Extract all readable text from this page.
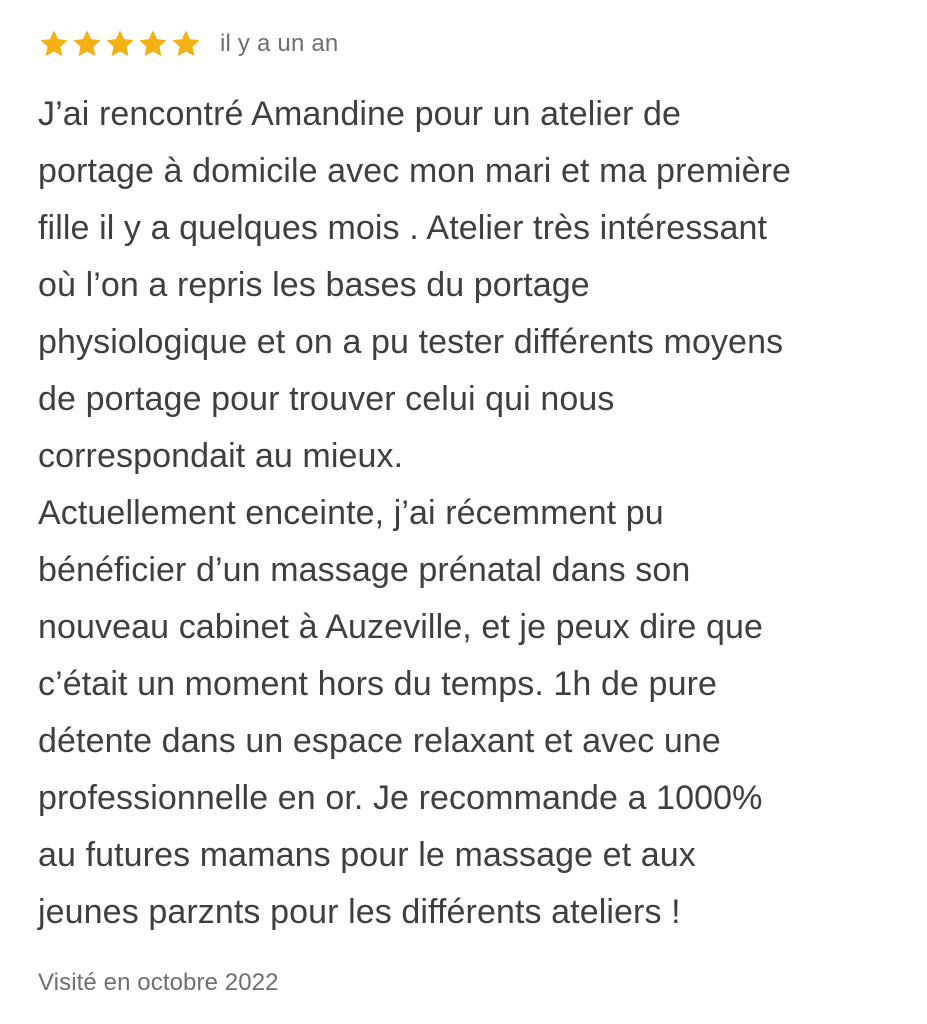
il y a un an
J’ai rencontré Amandine pour un atelier de
portage à domicile avec mon mari et ma première
fille il y a quelques mois . Atelier très intéressant
où l’on a repris les bases du portage
physiologique et on a pu tester différents moyens
de portage pour trouver celui qui nous
correspondait au mieux.
Actuellement enceinte, j’ai récemment pu
bénéficier d’un massage prénatal dans son
nouveau cabinet à Auzeville, et je peux dire que
c’était un moment hors du temps. 1h de pure
détente dans un espace relaxant et avec une
professionnelle en or. Je recommande a 1000%
au futures mamans pour le massage et aux
jeunes parznts pour les différents ateliers !
Visité en octobre 2022
